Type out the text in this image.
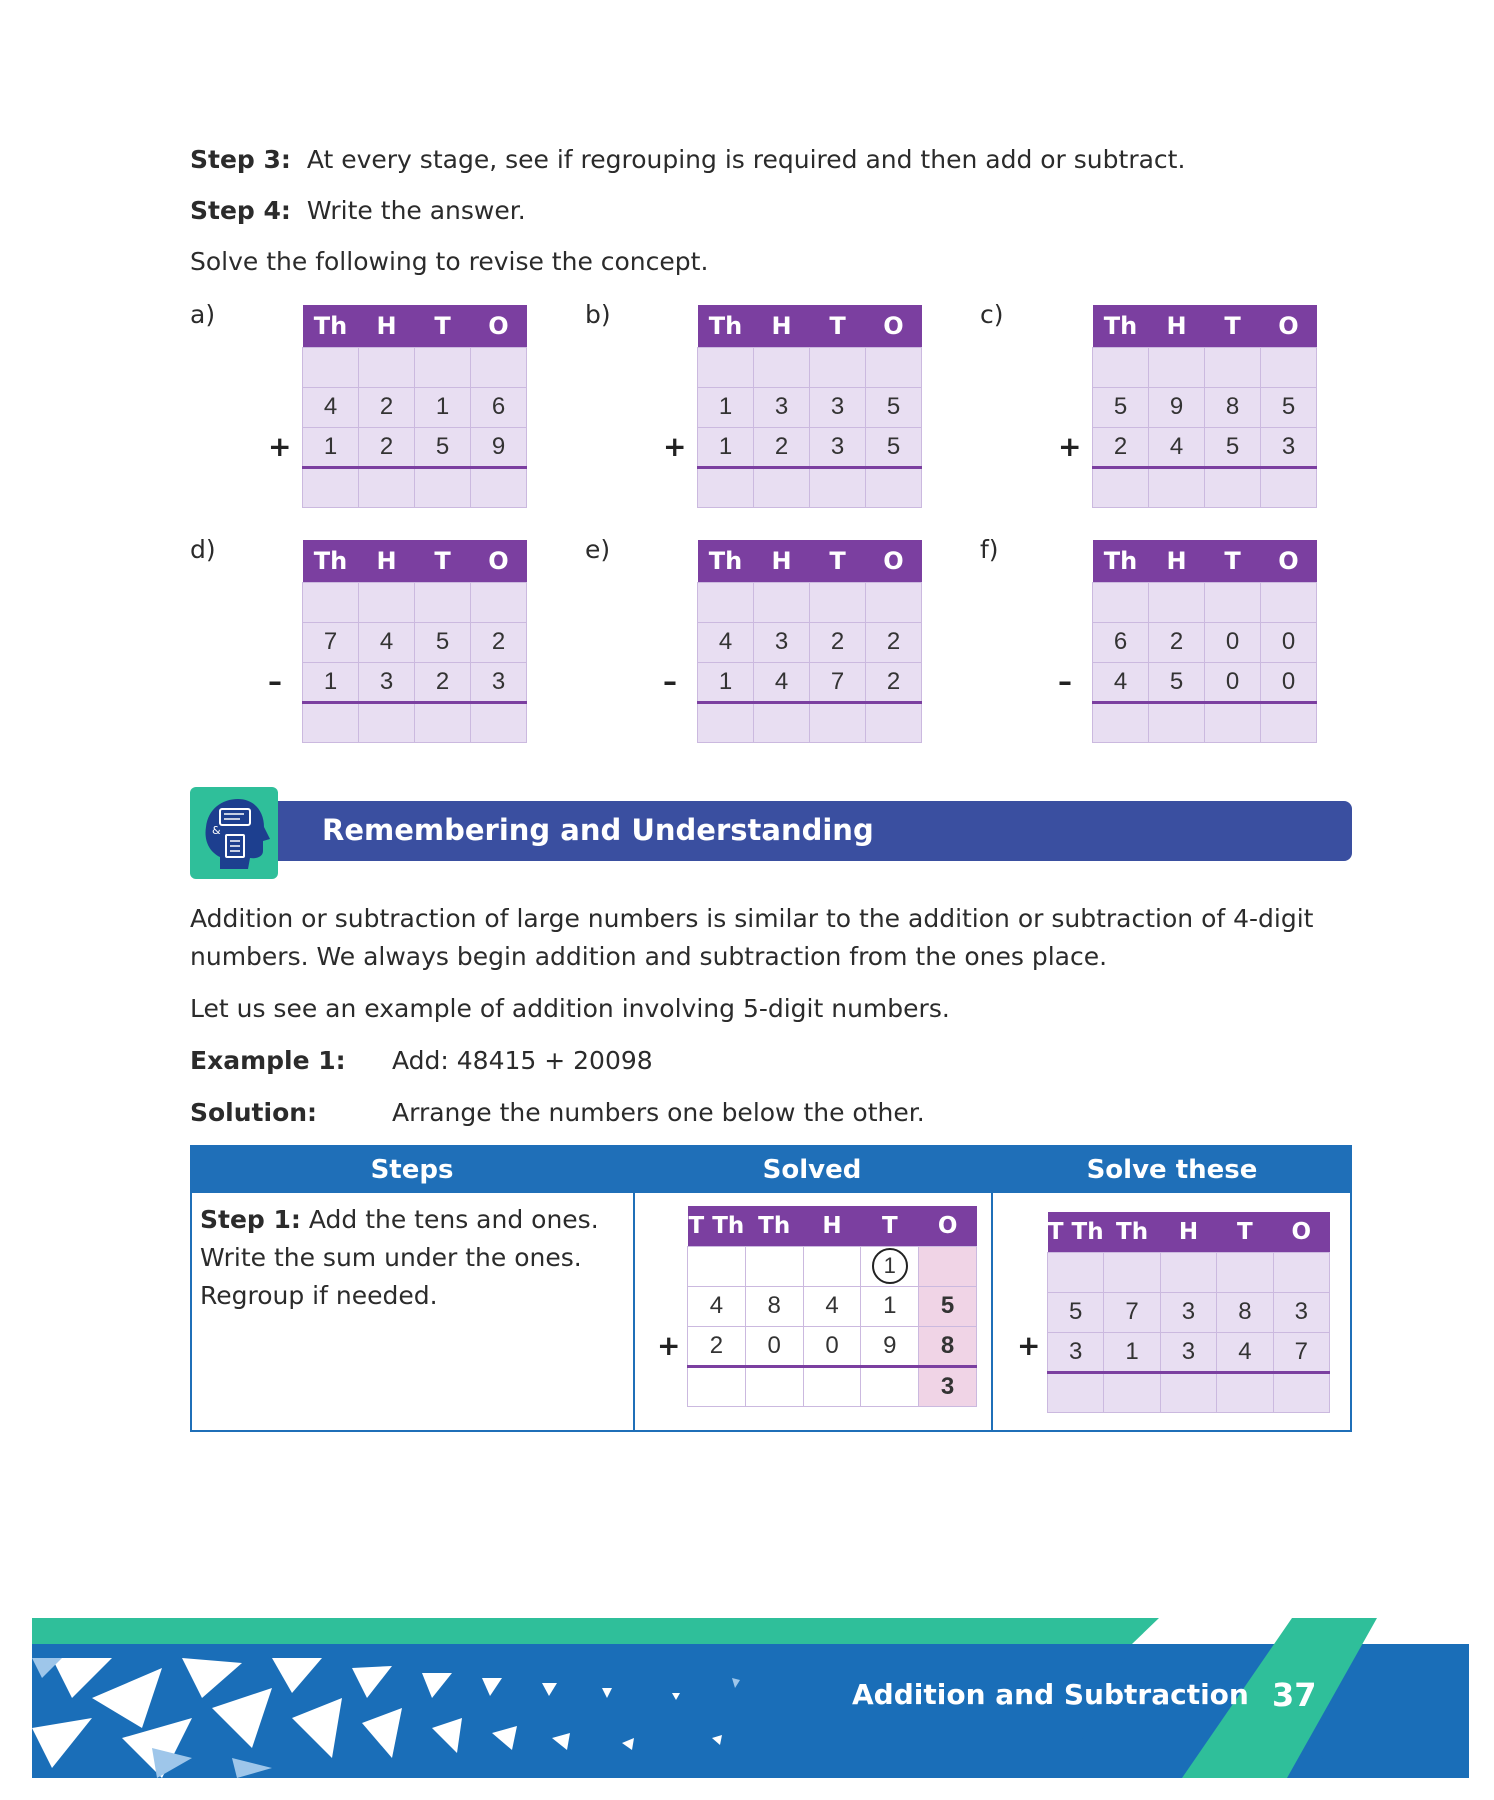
Step 3: At every stage, see if regrouping is required and then add or subtract.
Step 4: Write the answer.
Solve the following to revise the concept.
a)
+
Th	H	T	O

4	2	1	6
1	2	5	9

b)
+
Th	H	T	O

1	3	3	5
1	2	3	5

c)
+
Th	H	T	O

5	9	8	5
2	4	5	3

d)
–
Th	H	T	O

7	4	5	2
1	3	2	3

e)
–
Th	H	T	O

4	3	2	2
1	4	7	2

f)
–
Th	H	T	O

6	2	0	0
4	5	0	0

Remembering and Understanding
&
Addition or subtraction of large numbers is similar to the addition or subtraction of 4-digit
numbers. We always begin addition and subtraction from the ones place.
Let us see an example of addition involving 5-digit numbers.
Example 1: Add: 48415 + 20098
Solution:	Arrange the numbers one below the other.
Steps	Solved	Solve these
Step 1: Add the tens and ones.
Write the sum under the ones.
Regroup if needed.
+
T Th	Th	H	T	O
			1	
4	8	4	1	5
2	0	0	9	8
				3
+
T Th	Th	H	T	O

5	7	3	8	3
3	1	3	4	7

Addition and Subtraction 37
